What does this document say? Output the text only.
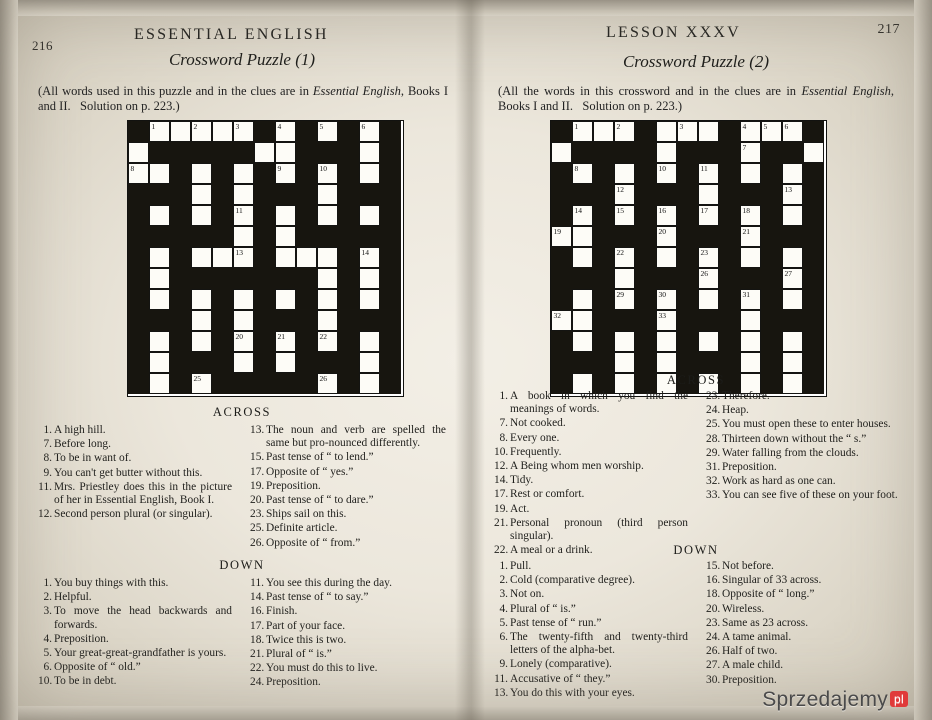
216
ESSENTIAL ENGLISH
Crossword Puzzle (1)
(All words used in this puzzle and in the clues are in Essential English, Books I and II.   Solution on p. 223.)
1	2	3	4	5	6
8	9	10
11
13	14
20	21	22
25	26
ACROSS
1. A high hill.
7. Before long.
8. To be in want of.
9. You can't get butter without this.
11. Mrs. Priestley does this in the picture of her in Essential English, Book I.
12. Second person plural (or singular).
13. The noun and verb are spelled the same but pro-nounced differently.
15. Past tense of “ to lend.”
17. Opposite of “ yes.”
19. Preposition.
20. Past tense of “ to dare.”
23. Ships sail on this.
25. Definite article.
26. Opposite of “ from.”
DOWN
1. You buy things with this.
2. Helpful.
3. To move the head backwards and forwards.
4. Preposition.
5. Your great-great-grandfather is yours.
6. Opposite of “ old.”
10. To be in debt.
11. You see this during the day.
14. Past tense of “ to say.”
16. Finish.
17. Part of your face.
18. Twice this is two.
21. Plural of “ is.”
22. You must do this to live.
24. Preposition.
217
LESSON XXXV
Crossword Puzzle (2)
(All the words in this crossword and in the clues are in Essential English, Books I and II.   Solution on p. 223.)
1	2	3	4 5 6
7
8	10	11
12	13
14	15	16	17	18
19	20	21
22	23
26	27
29	30	31
32	33
ACROSS
1. A book in which you find the meanings of words.
7. Not cooked.
8. Every one.
10. Frequently.
12. A Being whom men worship.
14. Tidy.
17. Rest or comfort.
19. Act.
21. Personal pronoun (third person singular).
22. A meal or a drink.
23. Therefore.
24. Heap.
25. You must open these to enter houses.
28. Thirteen down without the “ s.”
29. Water falling from the clouds.
31. Preposition.
32. Work as hard as one can.
33. You can see five of these on your foot.
DOWN
1. Pull.
2. Cold (comparative degree).
3. Not on.
4. Plural of “ is.”
5. Past tense of “ run.”
6. The twenty-fifth and twenty-third letters of the alpha-bet.
9. Lonely (comparative).
11. Accusative of “ they.”
13. You do this with your eyes.
15. Not before.
16. Singular of 33 across.
18. Opposite of “ long.”
20. Wireless.
23. Same as 23 across.
24. A tame animal.
26. Half of two.
27. A male child.
30. Preposition.
Sprzedajemy pl
